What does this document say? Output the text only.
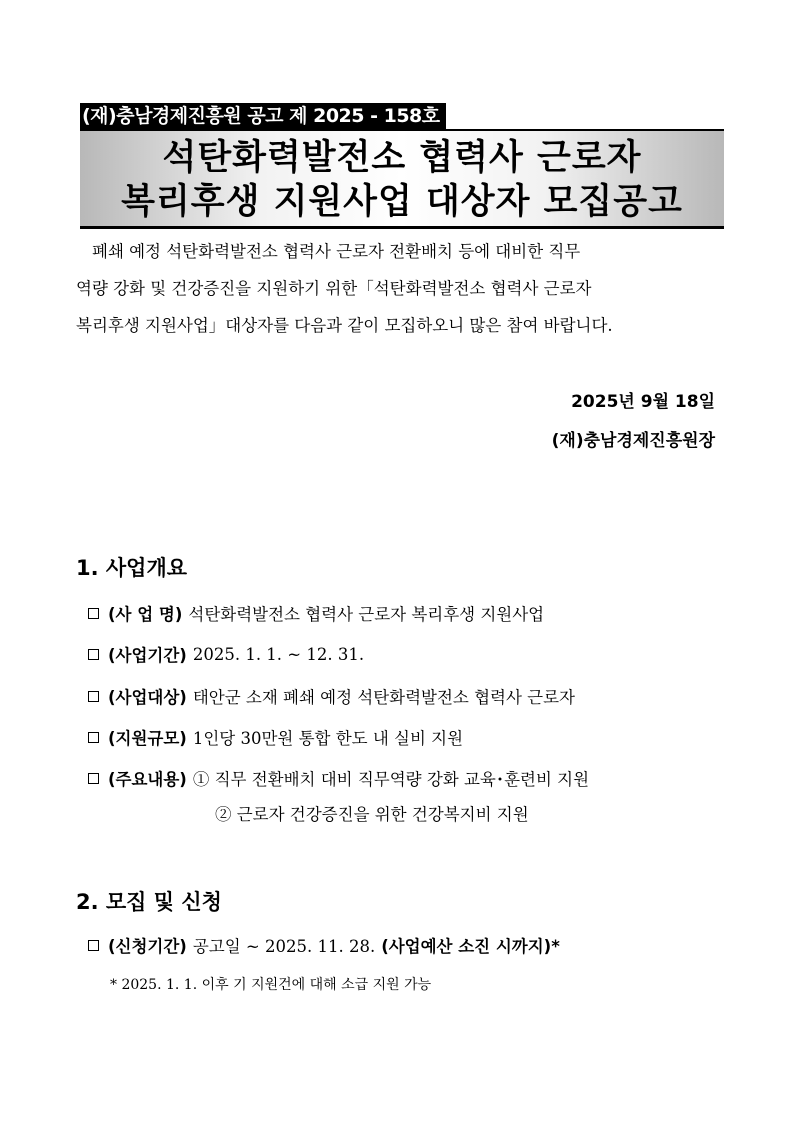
(재)충남경제진흥원 공고 제 2025 - 158호
석탄화력발전소 협력사 근로자
복리후생 지원사업 대상자 모집공고
폐쇄 예정 석탄화력발전소 협력사 근로자 전환배치 등에 대비한 직무
역량 강화 및 건강증진을 지원하기 위한「석탄화력발전소 협력사 근로자
복리후생 지원사업」대상자를 다음과 같이 모집하오니 많은 참여 바랍니다.
2025년 9월 18일
(재)충남경제진흥원장
1. 사업개요
(사 업 명) 석탄화력발전소 협력사 근로자 복리후생 지원사업
(사업기간) 2025. 1. 1. ~ 12. 31.
(사업대상) 태안군 소재 폐쇄 예정 석탄화력발전소 협력사 근로자
(지원규모) 1인당 30만원 통합 한도 내 실비 지원
(주요내용) ① 직무 전환배치 대비 직무역량 강화 교육･훈련비 지원
② 근로자 건강증진을 위한 건강복지비 지원
2. 모집 및 신청
(신청기간) 공고일 ~ 2025. 11. 28. (사업예산 소진 시까지)*
* 2025. 1. 1. 이후 기 지원건에 대해 소급 지원 가능
